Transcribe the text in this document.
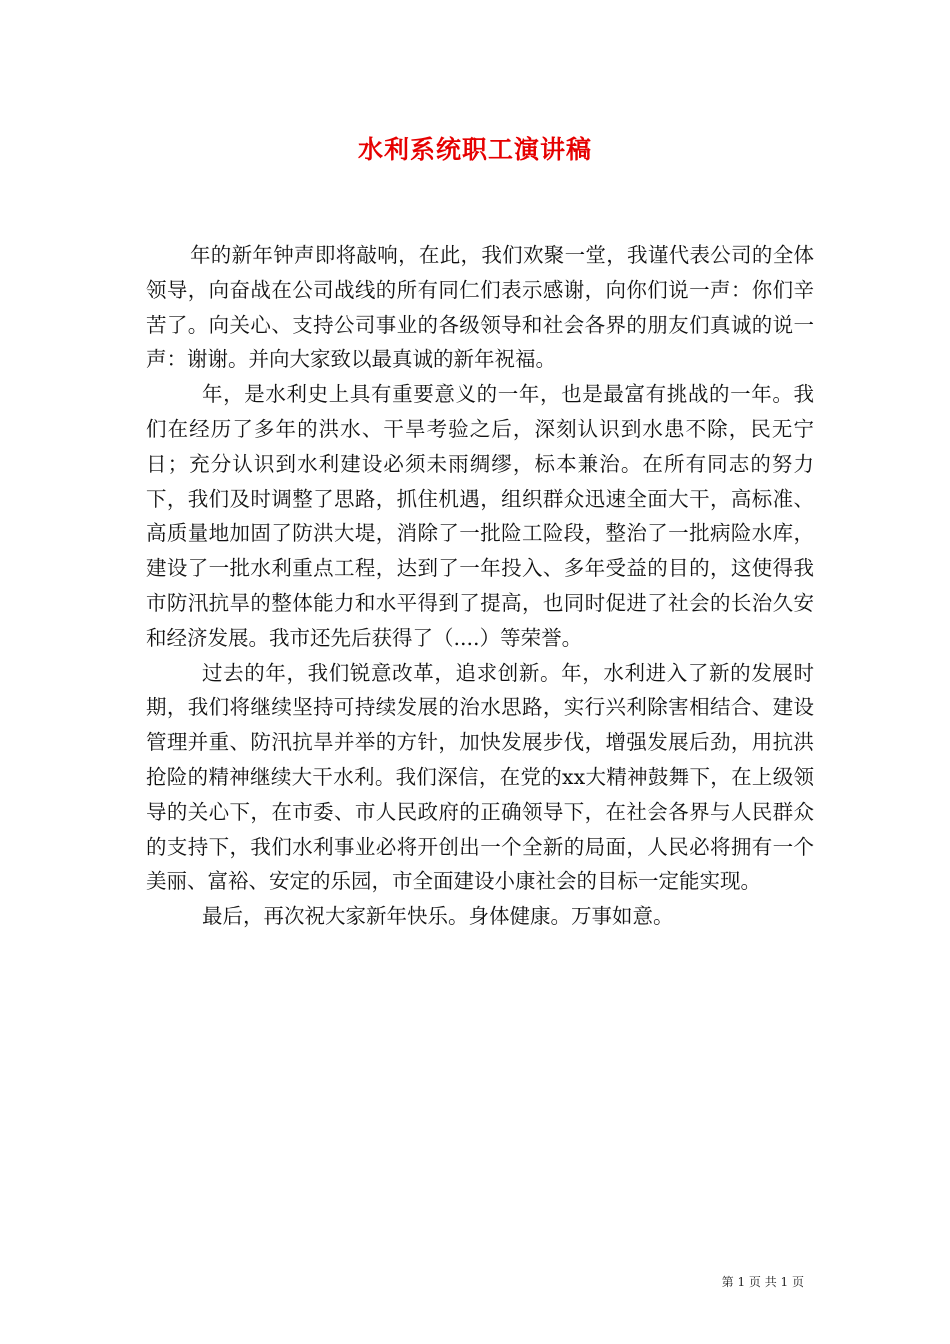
水利系统职工演讲稿

年的新年钟声即将敲响，在此，我们欢聚一堂，我谨代表公司的全体领导，向奋战在公司战线的所有同仁们表示感谢，向你们说一声：你们辛苦了。向关心、支持公司事业的各级领导和社会各界的朋友们真诚的说一声：谢谢。并向大家致以最真诚的新年祝福。

年，是水利史上具有重要意义的一年，也是最富有挑战的一年。我们在经历了多年的洪水、干旱考验之后，深刻认识到水患不除，民无宁日；充分认识到水利建设必须未雨绸缪，标本兼治。在所有同志的努力下，我们及时调整了思路，抓住机遇，组织群众迅速全面大干，高标准、高质量地加固了防洪大堤，消除了一批险工险段，整治了一批病险水库，建设了一批水利重点工程，达到了一年投入、多年受益的目的，这使得我市防汛抗旱的整体能力和水平得到了提高，也同时促进了社会的长治久安和经济发展。我市还先后获得了（....）等荣誉。

过去的年，我们锐意改革，追求创新。年，水利进入了新的发展时期，我们将继续坚持可持续发展的治水思路，实行兴利除害相结合、建设管理并重、防汛抗旱并举的方针，加快发展步伐，增强发展后劲，用抗洪抢险的精神继续大干水利。我们深信，在党的xx大精神鼓舞下，在上级领导的关心下，在市委、市人民政府的正确领导下，在社会各界与人民群众的支持下，我们水利事业必将开创出一个全新的局面，人民必将拥有一个美丽、富裕、安定的乐园，市全面建设小康社会的目标一定能实现。

最后，再次祝大家新年快乐。身体健康。万事如意。

第 1 页 共 1 页
